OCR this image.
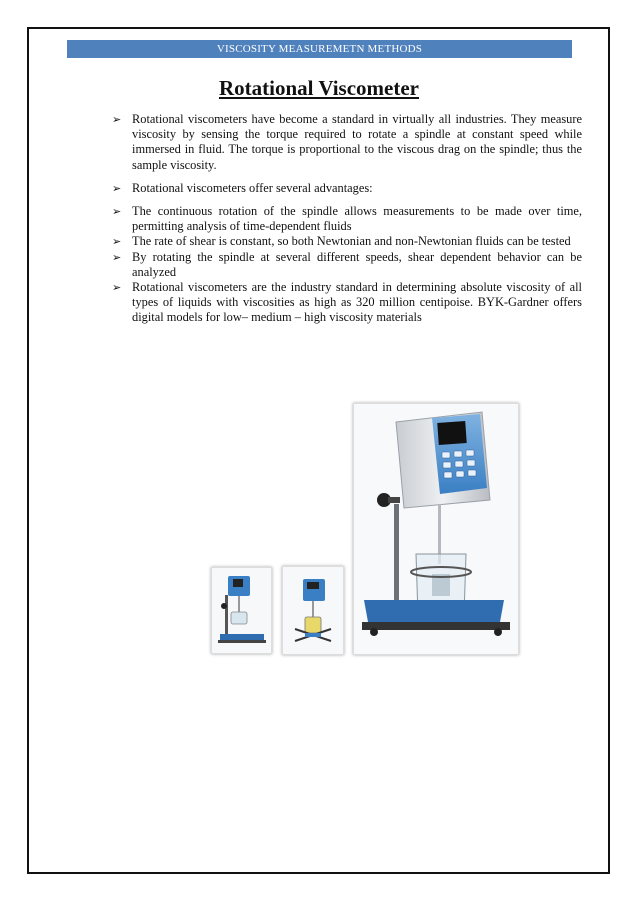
VISCOSITY MEASUREMETN METHODS
Rotational Viscometer
➢ Rotational viscometers have become a standard in virtually all industries. They measure viscosity by sensing the torque required to rotate a spindle at constant speed while immersed in fluid. The torque is proportional to the viscous drag on the spindle; thus the sample viscosity.
➢ Rotational viscometers offer several advantages:
➢ The continuous rotation of the spindle allows measurements to be made over time, permitting analysis of time-dependent fluids
➢ The rate of shear is constant, so both Newtonian and non-Newtonian fluids can be tested
➢ By rotating the spindle at several different speeds, shear dependent behavior can be analyzed
➢ Rotational viscometers are the industry standard in determining absolute viscosity of all types of liquids with viscosities as high as 320 million centipoise. BYK-Gardner offers digital models for low– medium – high viscosity materials
